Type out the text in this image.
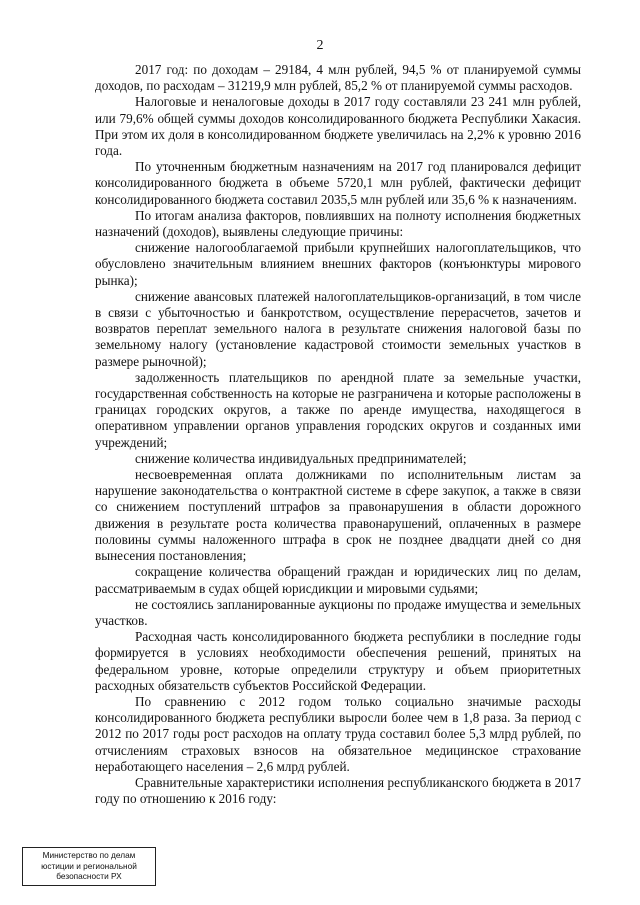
2

2017 год: по доходам – 29184, 4 млн рублей, 94,5 % от планируемой суммы доходов, по расходам – 31219,9 млн рублей, 85,2 % от планируемой суммы расходов.

Налоговые и неналоговые доходы в 2017 году составляли 23 241 млн рублей, или 79,6% общей суммы доходов консолидированного бюджета Республики Хакасия. При этом их доля в консолидированном бюджете увеличилась на 2,2% к уровню 2016 года.

По уточненным бюджетным назначениям на 2017 год планировался дефицит консолидированного бюджета в объеме 5720,1 млн рублей, фактически дефицит консолидированного бюджета составил 2035,5 млн рублей или 35,6 % к назначениям.

По итогам анализа факторов, повлиявших на полноту исполнения бюджетных назначений (доходов), выявлены следующие причины:

снижение налогооблагаемой прибыли крупнейших налогоплательщиков, что обусловлено значительным влиянием внешних факторов (конъюнктуры мирового рынка);

снижение авансовых платежей налогоплательщиков-организаций, в том числе в связи с убыточностью и банкротством, осуществление перерасчетов, зачетов и возвратов переплат земельного налога в результате снижения налоговой базы по земельному налогу (установление кадастровой стоимости земельных участков в размере рыночной);

задолженность плательщиков по арендной плате за земельные участки, государственная собственность на которые не разграничена и которые расположены в границах городских округов, а также по аренде имущества, находящегося в оперативном управлении органов управления городских округов и созданных ими учреждений;

снижение количества индивидуальных предпринимателей;

несвоевременная оплата должниками по исполнительным листам за нарушение законодательства о контрактной системе в сфере закупок, а также в связи со снижением поступлений штрафов за правонарушения в области дорожного движения в результате роста количества правонарушений, оплаченных в размере половины суммы наложенного штрафа в срок не позднее двадцати дней со дня вынесения постановления;

сокращение количества обращений граждан и юридических лиц по делам, рассматриваемым в судах общей юрисдикции и мировыми судьями;

не состоялись запланированные аукционы по продаже имущества и земельных участков.

Расходная часть консолидированного бюджета республики в последние годы формируется в условиях необходимости обеспечения решений, принятых на федеральном уровне, которые определили структуру и объем приоритетных расходных обязательств субъектов Российской Федерации.

По сравнению с 2012 годом только социально значимые расходы консолидированного бюджета республики выросли более чем в 1,8 раза. За период с 2012 по 2017 годы рост расходов на оплату труда составил более 5,3 млрд рублей, по отчислениям страховых взносов на обязательное медицинское страхование неработающего населения – 2,6 млрд рублей.

Сравнительные характеристики исполнения республиканского бюджета в 2017 году по отношению к 2016 году:

Министерство по делам
юстиции и региональной
безопасности РХ
